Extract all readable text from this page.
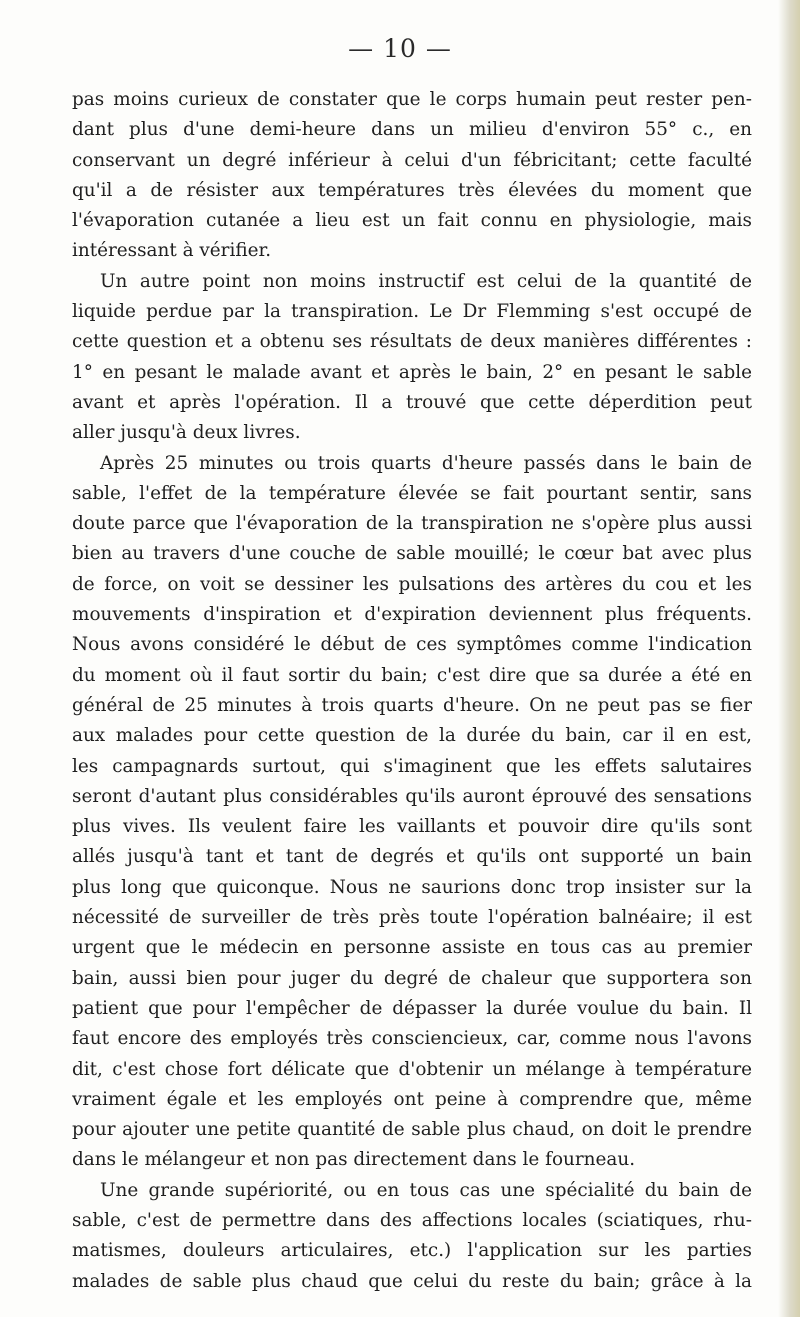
— 10 —
pas moins curieux de constater que le corps humain peut rester pen-
dant plus d'une demi-heure dans un milieu d'environ 55° c., en
conservant un degré inférieur à celui d'un fébricitant; cette faculté
qu'il a de résister aux températures très élevées du moment que
l'évaporation cutanée a lieu est un fait connu en physiologie, mais
intéressant à vérifier.
Un autre point non moins instructif est celui de la quantité de
liquide perdue par la transpiration. Le Dr Flemming s'est occupé de
cette question et a obtenu ses résultats de deux manières différentes :
1° en pesant le malade avant et après le bain, 2° en pesant le sable
avant et après l'opération. Il a trouvé que cette déperdition peut
aller jusqu'à deux livres.
Après 25 minutes ou trois quarts d'heure passés dans le bain de
sable, l'effet de la température élevée se fait pourtant sentir, sans
doute parce que l'évaporation de la transpiration ne s'opère plus aussi
bien au travers d'une couche de sable mouillé; le cœur bat avec plus
de force, on voit se dessiner les pulsations des artères du cou et les
mouvements d'inspiration et d'expiration deviennent plus fréquents.
Nous avons considéré le début de ces symptômes comme l'indication
du moment où il faut sortir du bain; c'est dire que sa durée a été en
général de 25 minutes à trois quarts d'heure. On ne peut pas se fier
aux malades pour cette question de la durée du bain, car il en est,
les campagnards surtout, qui s'imaginent que les effets salutaires
seront d'autant plus considérables qu'ils auront éprouvé des sensations
plus vives. Ils veulent faire les vaillants et pouvoir dire qu'ils sont
allés jusqu'à tant et tant de degrés et qu'ils ont supporté un bain
plus long que quiconque. Nous ne saurions donc trop insister sur la
nécessité de surveiller de très près toute l'opération balnéaire; il est
urgent que le médecin en personne assiste en tous cas au premier
bain, aussi bien pour juger du degré de chaleur que supportera son
patient que pour l'empêcher de dépasser la durée voulue du bain. Il
faut encore des employés très consciencieux, car, comme nous l'avons
dit, c'est chose fort délicate que d'obtenir un mélange à température
vraiment égale et les employés ont peine à comprendre que, même
pour ajouter une petite quantité de sable plus chaud, on doit le prendre
dans le mélangeur et non pas directement dans le fourneau.
Une grande supériorité, ou en tous cas une spécialité du bain de
sable, c'est de permettre dans des affections locales (sciatiques, rhu-
matismes, douleurs articulaires, etc.) l'application sur les parties
malades de sable plus chaud que celui du reste du bain; grâce à la
